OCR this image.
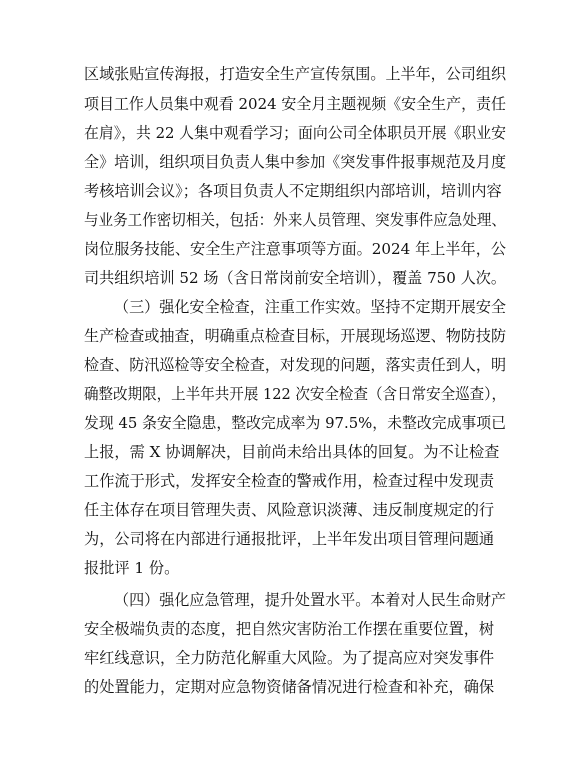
区域张贴宣传海报，打造安全生产宣传氛围。上半年，公司组织
项目工作人员集中观看 2024 安全月主题视频《安全生产，责任
在肩》，共 22 人集中观看学习；面向公司全体职员开展《职业安
全》培训，组织项目负责人集中参加《突发事件报事规范及月度
考核培训会议》；各项目负责人不定期组织内部培训，培训内容
与业务工作密切相关，包括：外来人员管理、突发事件应急处理、
岗位服务技能、安全生产注意事项等方面。2024 年上半年，公
司共组织培训 52 场（含日常岗前安全培训），覆盖 750 人次。
（三）强化安全检查，注重工作实效。坚持不定期开展安全
生产检查或抽查，明确重点检查目标，开展现场巡逻、物防技防
检查、防汛巡检等安全检查，对发现的问题，落实责任到人，明
确整改期限，上半年共开展 122 次安全检查（含日常安全巡查），
发现 45 条安全隐患，整改完成率为 97.5%，未整改完成事项已
上报，需 X 协调解决，目前尚未给出具体的回复。为不让检查
工作流于形式，发挥安全检查的警戒作用，检查过程中发现责
任主体存在项目管理失责、风险意识淡薄、违反制度规定的行
为，公司将在内部进行通报批评，上半年发出项目管理问题通
报批评 1 份。
（四）强化应急管理，提升处置水平。本着对人民生命财产
安全极端负责的态度，把自然灾害防治工作摆在重要位置，树
牢红线意识，全力防范化解重大风险。为了提高应对突发事件
的处置能力，定期对应急物资储备情况进行检查和补充，确保
